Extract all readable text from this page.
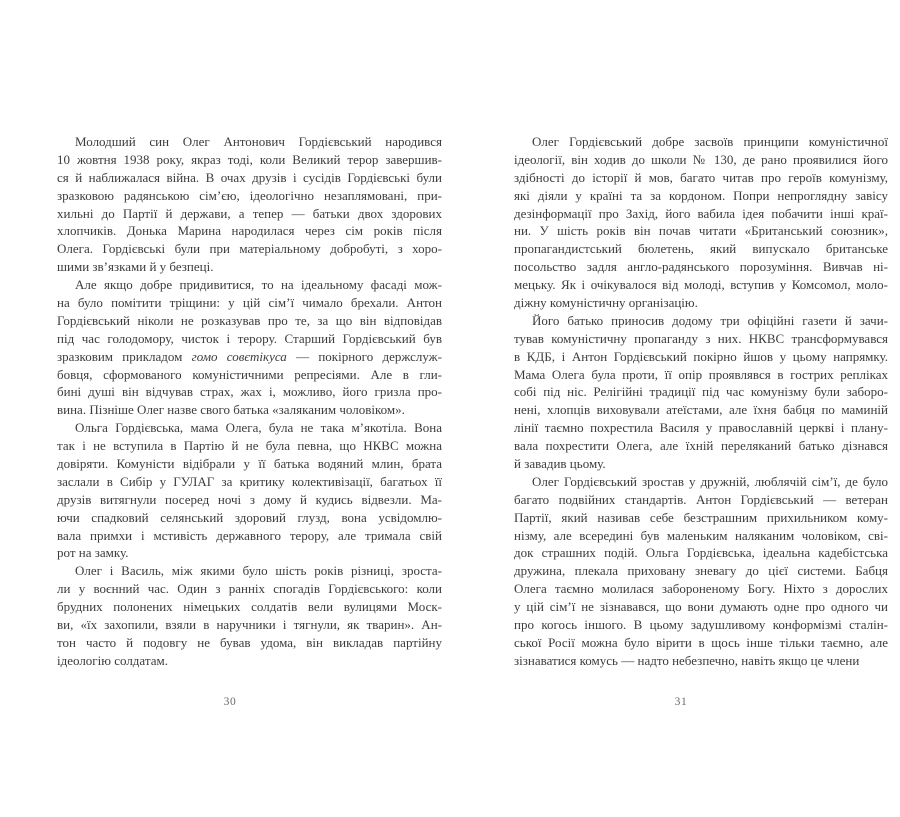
Молодший син Олег Антонович Гордієвський народився
10 жовтня 1938 року, якраз тоді, коли Великий терор завершив-
ся й наближалася війна. В очах друзів і сусідів Гордієвські були
зразковою радянською сім’єю, ідеологічно незаплямовані, при-
хильні до Партії й держави, а тепер — батьки двох здорових
хлопчиків. Донька Марина народилася через сім років після
Олега. Гордієвські були при матеріальному добробуті, з хоро-
шими зв’язками й у безпеці.
Але якщо добре придивитися, то на ідеальному фасаді мож-
на було помітити тріщини: у цій сім’ї чимало брехали. Антон
Гордієвський ніколи не розказував про те, за що він відповідав
під час голодомору, чисток і терору. Старший Гордієвський був
зразковим прикладом гомо совєтікуса — покірного держслуж-
бовця, сформованого комуністичними репресіями. Але в гли-
бині душі він відчував страх, жах і, можливо, його гризла про-
вина. Пізніше Олег назве свого батька «заляканим чоловіком».
Ольга Гордієвська, мама Олега, була не така м’якотіла. Вона
так і не вступила в Партію й не була певна, що НКВС можна
довіряти. Комуністи відібрали у її батька водяний млин, брата
заслали в Сибір у ГУЛАГ за критику колективізації, багатьох її
друзів витягнули посеред ночі з дому й кудись відвезли. Ма-
ючи спадковий селянський здоровий глузд, вона усвідомлю-
вала примхи і мстивість державного терору, але тримала свій
рот на замку.
Олег і Василь, між якими було шість років різниці, зроста-
ли у воєнний час. Один з ранніх спогадів Гордієвського: коли
брудних полонених німецьких солдатів вели вулицями Моск-
ви, «їх захопили, взяли в наручники і тягнули, як тварин». Ан-
тон часто й подовгу не бував удома, він викладав партійну
ідеологію солдатам.
30
Олег Гордієвський добре засвоїв принципи комуністичної
ідеології, він ходив до школи № 130, де рано проявилися його
здібності до історії й мов, багато читав про героїв комунізму,
які діяли у країні та за кордоном. Попри непроглядну завісу
дезінформації про Захід, його вабила ідея побачити інші краї-
ни. У шість років він почав читати «Британський союзник»,
пропагандистський бюлетень, який випускало британське
посольство задля англо-радянського порозуміння. Вивчав ні-
мецьку. Як і очікувалося від молоді, вступив у Комсомол, моло-
діжну комуністичну організацію.
Його батько приносив додому три офіційні газети й зачи-
тував комуністичну пропаганду з них. НКВС трансформувався
в КДБ, і Антон Гордієвський покірно йшов у цьому напрямку.
Мама Олега була проти, її опір проявлявся в гострих репліках
собі під ніс. Релігійні традиції під час комунізму були заборо-
нені, хлопців виховували атеїстами, але їхня бабця по маминій
лінії таємно похрестила Василя у православній церкві і плану-
вала похрестити Олега, але їхній переляканий батько дізнався
й завадив цьому.
Олег Гордієвський зростав у дружній, люблячій сім’ї, де було
багато подвійних стандартів. Антон Гордієвський — ветеран
Партії, який називав себе безстрашним прихильником кому-
нізму, але всередині був маленьким наляканим чоловіком, сві-
док страшних подій. Ольга Гордієвська, ідеальна кадебістська
дружина, плекала приховану зневагу до цієї системи. Бабця
Олега таємно молилася забороненому Богу. Ніхто з дорослих
у цій сім’ї не зізнавався, що вони думають одне про одного чи
про когось іншого. В цьому задушливому конформізмі сталін-
ської Росії можна було вірити в щось інше тільки таємно, але
зізнаватися комусь — надто небезпечно, навіть якщо це члени
31
